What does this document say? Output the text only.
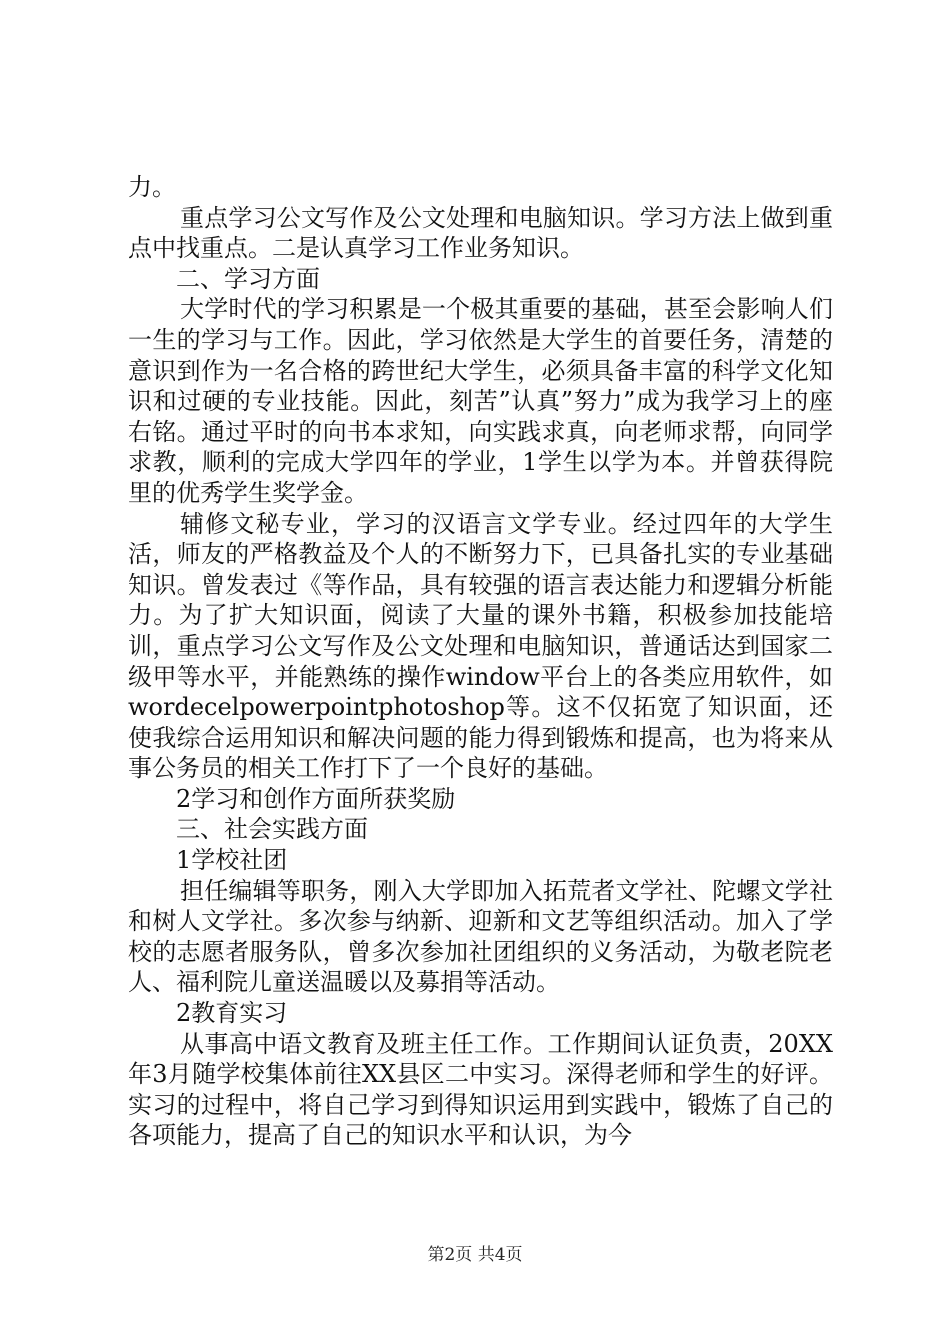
力。

重点学习公文写作及公文处理和电脑知识。学习方法上做到重点中找重点。二是认真学习工作业务知识。

二、学习方面

大学时代的学习积累是一个极其重要的基础，甚至会影响人们一生的学习与工作。因此，学习依然是大学生的首要任务，清楚的意识到作为一名合格的跨世纪大学生，必须具备丰富的科学文化知识和过硬的专业技能。因此，刻苦”认真”努力”成为我学习上的座右铭。通过平时的向书本求知，向实践求真，向老师求帮，向同学求教，顺利的完成大学四年的学业，1学生以学为本。并曾获得院里的优秀学生奖学金。

辅修文秘专业，学习的汉语言文学专业。经过四年的大学生活，师友的严格教益及个人的不断努力下，已具备扎实的专业基础知识。曾发表过《等作品，具有较强的语言表达能力和逻辑分析能力。为了扩大知识面，阅读了大量的课外书籍，积极参加技能培训，重点学习公文写作及公文处理和电脑知识，普通话达到国家二级甲等水平，并能熟练的操作window平台上的各类应用软件，如wordecelpowerpointphotoshop等。这不仅拓宽了知识面，还使我综合运用知识和解决问题的能力得到锻炼和提高，也为将来从事公务员的相关工作打下了一个良好的基础。

2学习和创作方面所获奖励

三、社会实践方面

1学校社团

担任编辑等职务，刚入大学即加入拓荒者文学社、陀螺文学社和树人文学社。多次参与纳新、迎新和文艺等组织活动。加入了学校的志愿者服务队，曾多次参加社团组织的义务活动，为敬老院老人、福利院儿童送温暖以及募捐等活动。

2教育实习

从事高中语文教育及班主任工作。工作期间认证负责，20XX年3月随学校集体前往XX县区二中实习。深得老师和学生的好评。实习的过程中，将自己学习到得知识运用到实践中，锻炼了自己的各项能力，提高了自己的知识水平和认识，为今

第2页 共4页
